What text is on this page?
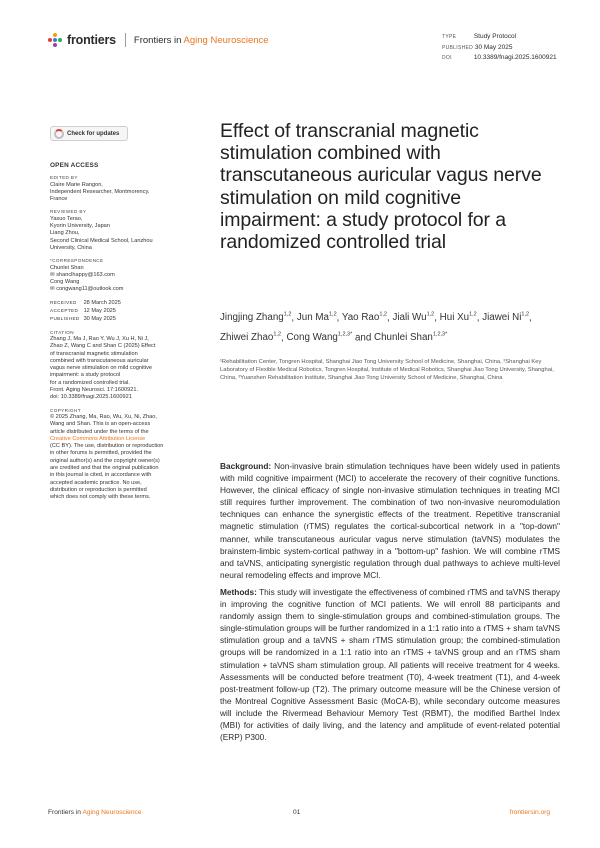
frontiers Frontiers in Aging Neuroscience	TYPE	Study Protocol
PUBLISHED 30 May 2025
DOI	10.3389/fnagi.2025.1600921
Check for updates
OPEN ACCESS
EDITED BY
Claire Marie Rangon,
Independent Researcher, Montmorency,
France
REVIEWED BY
Yasuo Terao,
Kyorin University, Japan
Liang Zhou,
Second Clinical Medical School, Lanzhou
University, China
*CORRESPONDENCE
Chunlei Shan
✉ shanclhappy@163.com
Cong Wang
✉ congwang11@outlook.com
RECEIVED 28 March 2025
ACCEPTED 12 May 2025
PUBLISHED 30 May 2025
CITATION
Zhang J, Ma J, Rao Y, Wu J, Xu H, Ni J,
Zhao Z, Wang C and Shan C (2025) Effect
of transcranial magnetic stimulation
combined with transcutaneous auricular
vagus nerve stimulation on mild cognitive
impairment: a study protocol
for a randomized controlled trial.
Front. Aging Neurosci. 17:1600921.
doi: 10.3389/fnagi.2025.1600921
COPYRIGHT
© 2025 Zhang, Ma, Rao, Wu, Xu, Ni, Zhao,
Wang and Shan. This is an open-access
article distributed under the terms of the
Creative Commons Attribution License
(CC BY). The use, distribution or reproduction
in other forums is permitted, provided the
original author(s) and the copyright owner(s)
are credited and that the original publication
in this journal is cited, in accordance with
accepted academic practice. No use,
distribution or reproduction is permitted
which does not comply with these terms.
Effect of transcranial magnetic stimulation combined with transcutaneous auricular vagus nerve stimulation on mild cognitive impairment: a study protocol for a randomized controlled trial
Jingjing Zhang$^{1,2}$, Jun Ma$^{1,2}$, Yao Rao$^{1,2}$, Jiali Wu$^{1,2}$, Hui Xu$^{1,2}$, Jiawei Ni$^{1,2}$, Zhiwei Zhao$^{1,2}$, Cong Wang$^{1,2,3*}$ and Chunlei Shan$^{1,2,3*}$
¹Rehabilitation Center, Tongren Hospital, Shanghai Jiao Tong University School of Medicine, Shanghai, China, ²Shanghai Key Laboratory of Flexible Medical Robotics, Tongren Hospital, Institute of Medical Robotics, Shanghai Jiao Tong University, Shanghai, China, ³Yuanshen Rehabilitation Institute, Shanghai Jiao Tong University School of Medicine, Shanghai, China

Background: Non-invasive brain stimulation techniques have been widely used in patients with mild cognitive impairment (MCI) to accelerate the recovery of their cognitive functions. However, the clinical efficacy of single non-invasive stimulation techniques in treating MCI still requires further improvement. The combination of two non-invasive neuromodulation techniques can enhance the synergistic effects of the treatment. Repetitive transcranial magnetic stimulation (rTMS) regulates the cortical-subcortical network in a "top-down" manner, while transcutaneous auricular vagus nerve stimulation (taVNS) modulates the brainstem-limbic system-cortical pathway in a "bottom-up" fashion. We will combine rTMS and taVNS, anticipating synergistic regulation through dual pathways to achieve multi-level neural remodeling effects and improve MCI.

Methods: This study will investigate the effectiveness of combined rTMS and taVNS therapy in improving the cognitive function of MCI patients. We will enroll 88 participants and randomly assign them to single-stimulation groups and combined-stimulation groups. The single-stimulation groups will be further randomized in a 1:1 ratio into a rTMS + sham taVNS stimulation group and a taVNS + sham rTMS stimulation group; the combined-stimulation groups will be randomized in a 1:1 ratio into an rTMS + taVNS group and an rTMS sham stimulation + taVNS sham stimulation group. All patients will receive treatment for 4 weeks. Assessments will be conducted before treatment (T0), 4-week treatment (T1), and 4-week post-treatment follow-up (T2). The primary outcome measure will be the Chinese version of the Montreal Cognitive Assessment Basic (MoCA-B), while secondary outcome measures will include the Rivermead Behaviour Memory Test (RBMT), the modified Barthel Index (MBI) for activities of daily living, and the latency and amplitude of event-related potential (ERP) P300.

Frontiers in Aging Neuroscience	01	frontiersin.org
